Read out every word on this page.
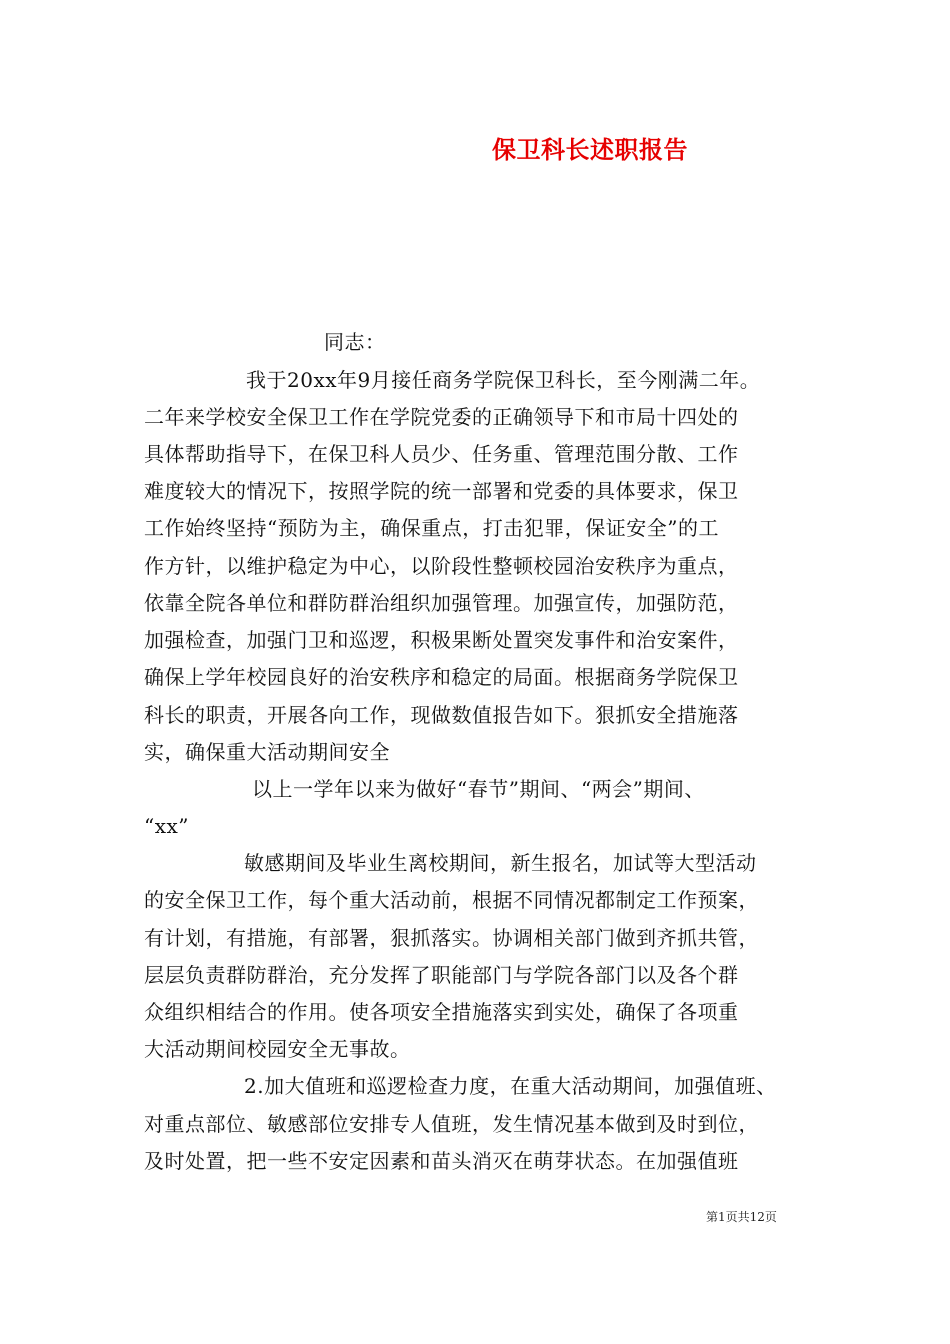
保卫科长述职报告
同志：
我于20xx年9月接任商务学院保卫科长，至今刚满二年。
二年来学校安全保卫工作在学院党委的正确领导下和市局十四处的
具体帮助指导下，在保卫科人员少、任务重、管理范围分散、工作
难度较大的情况下，按照学院的统一部署和党委的具体要求，保卫
工作始终坚持“预防为主，确保重点，打击犯罪，保证安全”的工
作方针，以维护稳定为中心，以阶段性整顿校园治安秩序为重点，
依靠全院各单位和群防群治组织加强管理。加强宣传，加强防范，
加强检查，加强门卫和巡逻，积极果断处置突发事件和治安案件，
确保上学年校园良好的治安秩序和稳定的局面。根据商务学院保卫
科长的职责，开展各向工作，现做数值报告如下。狠抓安全措施落
实，确保重大活动期间安全
以上一学年以来为做好“春节”期间、“两会”期间、
“xx”
敏感期间及毕业生离校期间，新生报名，加试等大型活动
的安全保卫工作，每个重大活动前，根据不同情况都制定工作预案，
有计划，有措施，有部署，狠抓落实。协调相关部门做到齐抓共管，
层层负责群防群治，充分发挥了职能部门与学院各部门以及各个群
众组织相结合的作用。使各项安全措施落实到实处，确保了各项重
大活动期间校园安全无事故。
2.加大值班和巡逻检查力度，在重大活动期间，加强值班、
对重点部位、敏感部位安排专人值班，发生情况基本做到及时到位，
及时处置，把一些不安定因素和苗头消灭在萌芽状态。在加强值班
第1页共12页
